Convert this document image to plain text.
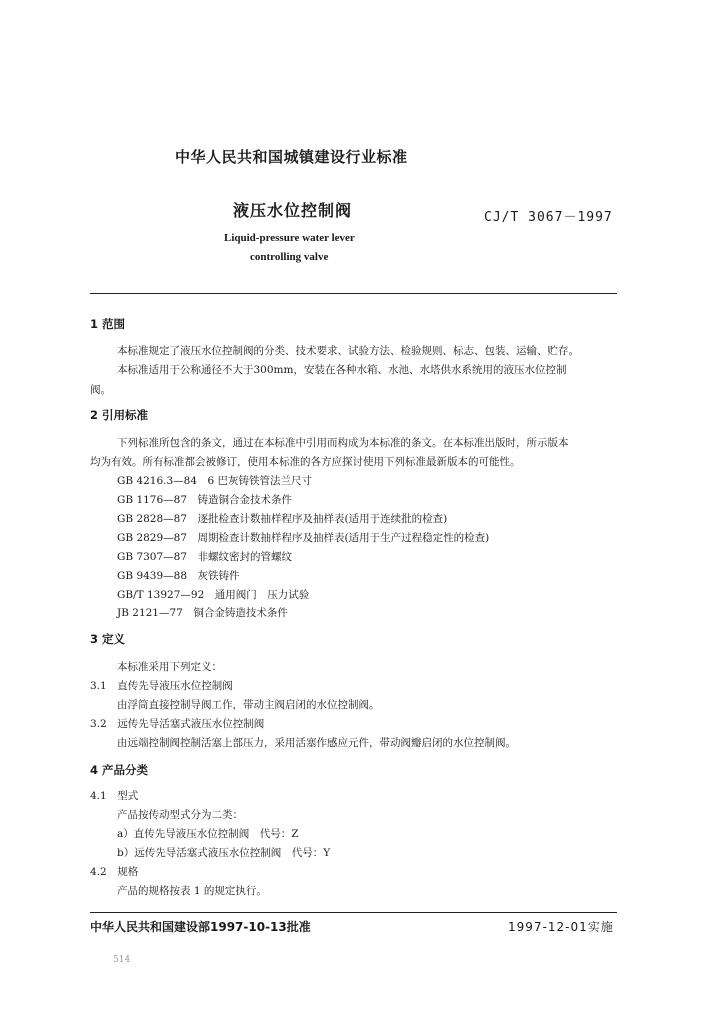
中华人民共和国城镇建设行业标准
液压水位控制阀	CJ/T 3067－1997
Liquid-pressure water lever
controlling valve
1 范围
本标准规定了液压水位控制阀的分类、技术要求、试验方法、检验规则、标志、包装、运输、贮存。
本标准适用于公称通径不大于300mm，安装在各种水箱、水池、水塔供水系统用的液压水位控制
阀。
2 引用标准
下列标准所包含的条文，通过在本标准中引用而构成为本标准的条文。在本标准出版时，所示版本
均为有效。所有标准都会被修订，使用本标准的各方应探讨使用下列标准最新版本的可能性。
GB 4216.3—84　6 巴灰铸铁管法兰尺寸
GB 1176—87　铸造铜合金技术条件
GB 2828—87　逐批检查计数抽样程序及抽样表(适用于连续批的检查)
GB 2829—87　周期检查计数抽样程序及抽样表(适用于生产过程稳定性的检查)
GB 7307—87　非螺纹密封的管螺纹
GB 9439—88　灰铁铸件
GB/T 13927—92　通用阀门　压力试验
JB 2121—77　铜合金铸造技术条件
3 定义
本标准采用下列定义：
3.1　直传先导液压水位控制阀
由浮筒直接控制导阀工作，带动主阀启闭的水位控制阀。
3.2　远传先导活塞式液压水位控制阀
由远端控制阀控制活塞上部压力，采用活塞作感应元件，带动阀瓣启闭的水位控制阀。
4 产品分类
4.1　型式
产品按传动型式分为二类：
a）直传先导液压水位控制阀　代号：Z
b）远传先导活塞式液压水位控制阀　代号：Y
4.2　规格
产品的规格按表 1 的规定执行。
中华人民共和国建设部1997-10-13批准	1997-12-01实施
514
